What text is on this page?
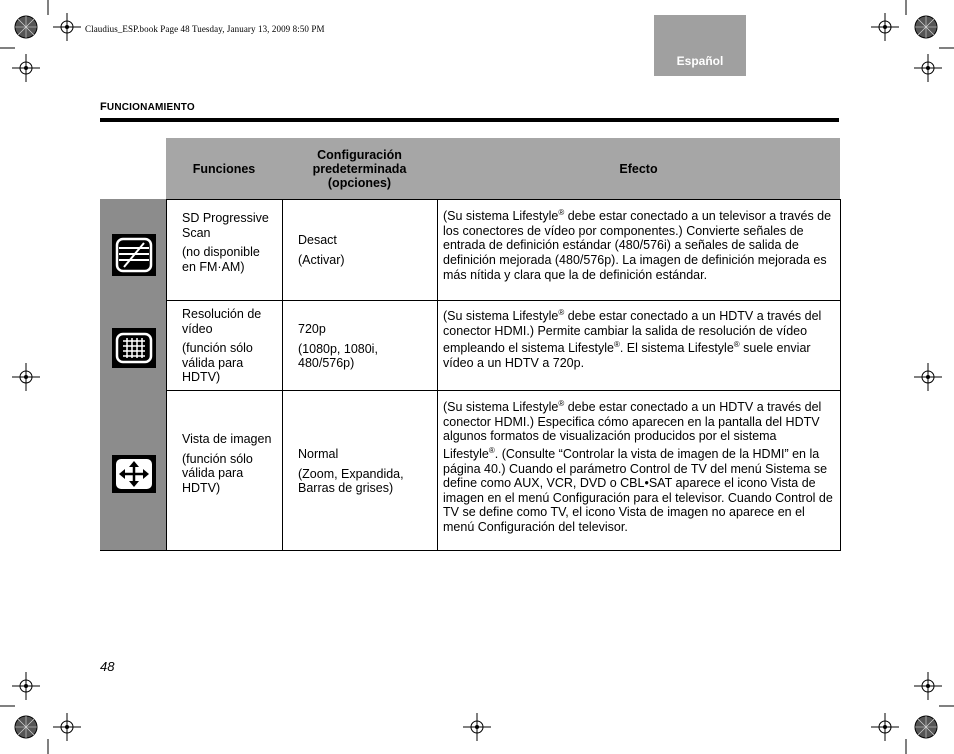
Claudius_ESP.book Page 48 Tuesday, January 13, 2009 8:50 PM
Español
FUNCIONAMIENTO
Funciones
Configuración
predeterminada
(opciones)
Efecto

SD Progressive Scan

(no disponible en FM·AM)

Desact

(Activar)

(Su sistema Lifestyle® debe estar conectado a un televisor a través de los conectores de vídeo por componentes.) Convierte señales de entrada de definición estándar (480/576i) a señales de salida de definición mejorada (480/576p). La imagen de definición mejorada es más nítida y clara que la de definición estándar.

Resolución de vídeo

(función sólo válida para HDTV)

720p

(1080p, 1080i, 480/576p)

(Su sistema Lifestyle® debe estar conectado a un HDTV a través del conector HDMI.) Permite cambiar la salida de resolución de vídeo empleando el sistema Lifestyle®. El sistema Lifestyle® suele enviar vídeo a un HDTV a 720p.

Vista de imagen

(función sólo válida para HDTV)

Normal

(Zoom, Expandida, Barras de grises)

(Su sistema Lifestyle® debe estar conectado a un HDTV a través del conector HDMI.) Especifica cómo aparecen en la pantalla del HDTV algunos formatos de visualización producidos por el sistema Lifestyle®. (Consulte “Controlar la vista de imagen de la HDMI” en la página 40.) Cuando el parámetro Control de TV del menú Sistema se define como AUX, VCR, DVD o CBL•SAT aparece el icono Vista de imagen en el menú Configuración para el televisor. Cuando Control de TV se define como TV, el icono Vista de imagen no aparece en el menú Configuración del televisor.
48
